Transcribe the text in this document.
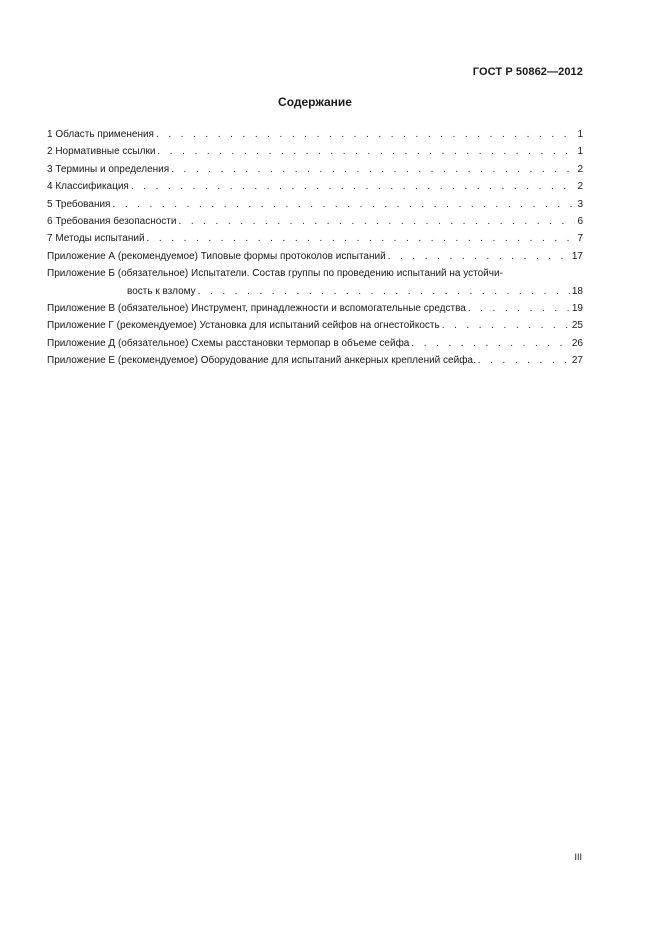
ГОСТ Р 50862—2012
Содержание
1 Область применения . . .	1
2 Нормативные ссылки . . .	1
3 Термины и определения . . .	2
4 Классификация . . .	2
5 Требования . . .	3
6 Требования безопасности . . .	6
7 Методы испытаний . . .	7
Приложение А (рекомендуемое) Типовые формы протоколов испытаний . . .	17
Приложение Б (обязательное) Испытатели. Состав группы по проведению испытаний на устойчи-
вость к взлому . . .	18
Приложение В (обязательное) Инструмент, принадлежности и вспомогательные средства . . .	19
Приложение Г (рекомендуемое) Установка для испытаний сейфов на огнестойкость . . .	25
Приложение Д (обязательное) Схемы расстановки термопар в объеме сейфа . . .	26
Приложение Е (рекомендуемое) Оборудование для испытаний анкерных креплений сейфа. . . .	27
III
